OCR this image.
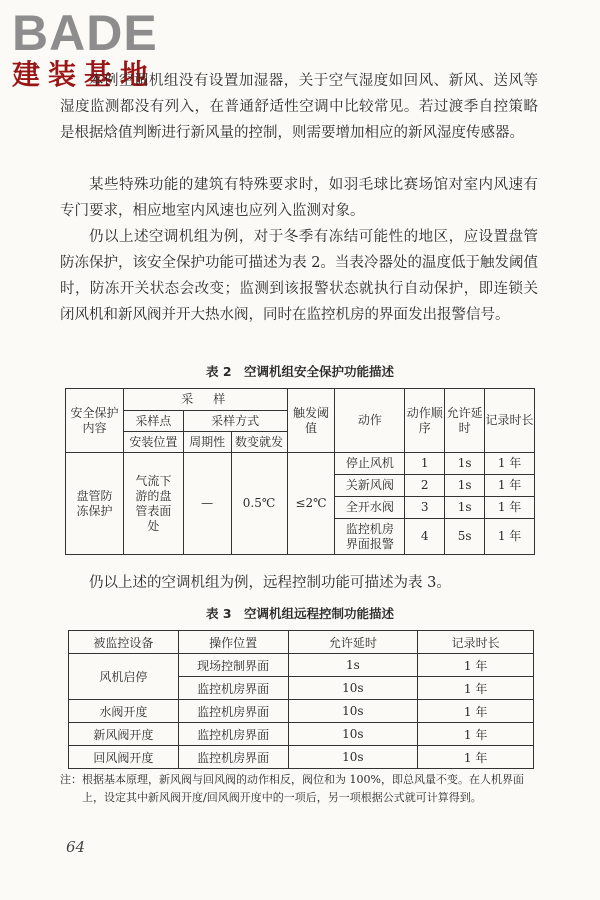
BADE
建装基地

本例空调机组没有设置加湿器，关于空气湿度如回风、新风、送风等湿度监测都没有列入，在普通舒适性空调中比较常见。若过渡季自控策略是根据焓值判断进行新风量的控制，则需要增加相应的新风湿度传感器。

某些特殊功能的建筑有特殊要求时，如羽毛球比赛场馆对室内风速有专门要求，相应地室内风速也应列入监测对象。

仍以上述空调机组为例，对于冬季有冻结可能性的地区，应设置盘管防冻保护，该安全保护功能可描述为表 2。当表冷器处的温度低于触发阈值时，防冻开关状态会改变；监测到该报警状态就执行自动保护，即连锁关闭风机和新风阀并开大热水阀，同时在监控机房的界面发出报警信号。

表 2　空调机组安全保护功能描述
安全保护内容	采　样			触发阈值	动作	动作顺序	允许延时	记录时长
	采样点	采样方式						
	安装位置	周期性	数变就发					
盘管防冻保护	气流下游的盘管表面处	—	0.5℃	≤2℃	停止风机	1	1s	1 年
					关新风阀	2	1s	1 年
					全开水阀	3	1s	1 年
					监控机房界面报警	4	5s	1 年

仍以上述的空调机组为例，远程控制功能可描述为表 3。

表 3　空调机组远程控制功能描述
被监控设备	操作位置	允许延时	记录时长
风机启停	现场控制界面	1s	1 年
	监控机房界面	10s	1 年
水阀开度	监控机房界面	10s	1 年
新风阀开度	监控机房界面	10s	1 年
回风阀开度	监控机房界面	10s	1 年

注：根据基本原理，新风阀与回风阀的动作相反，阀位和为 100%，即总风量不变。在人机界面上，设定其中新风阀开度/回风阀开度中的一项后，另一项根据公式就可计算得到。

64
